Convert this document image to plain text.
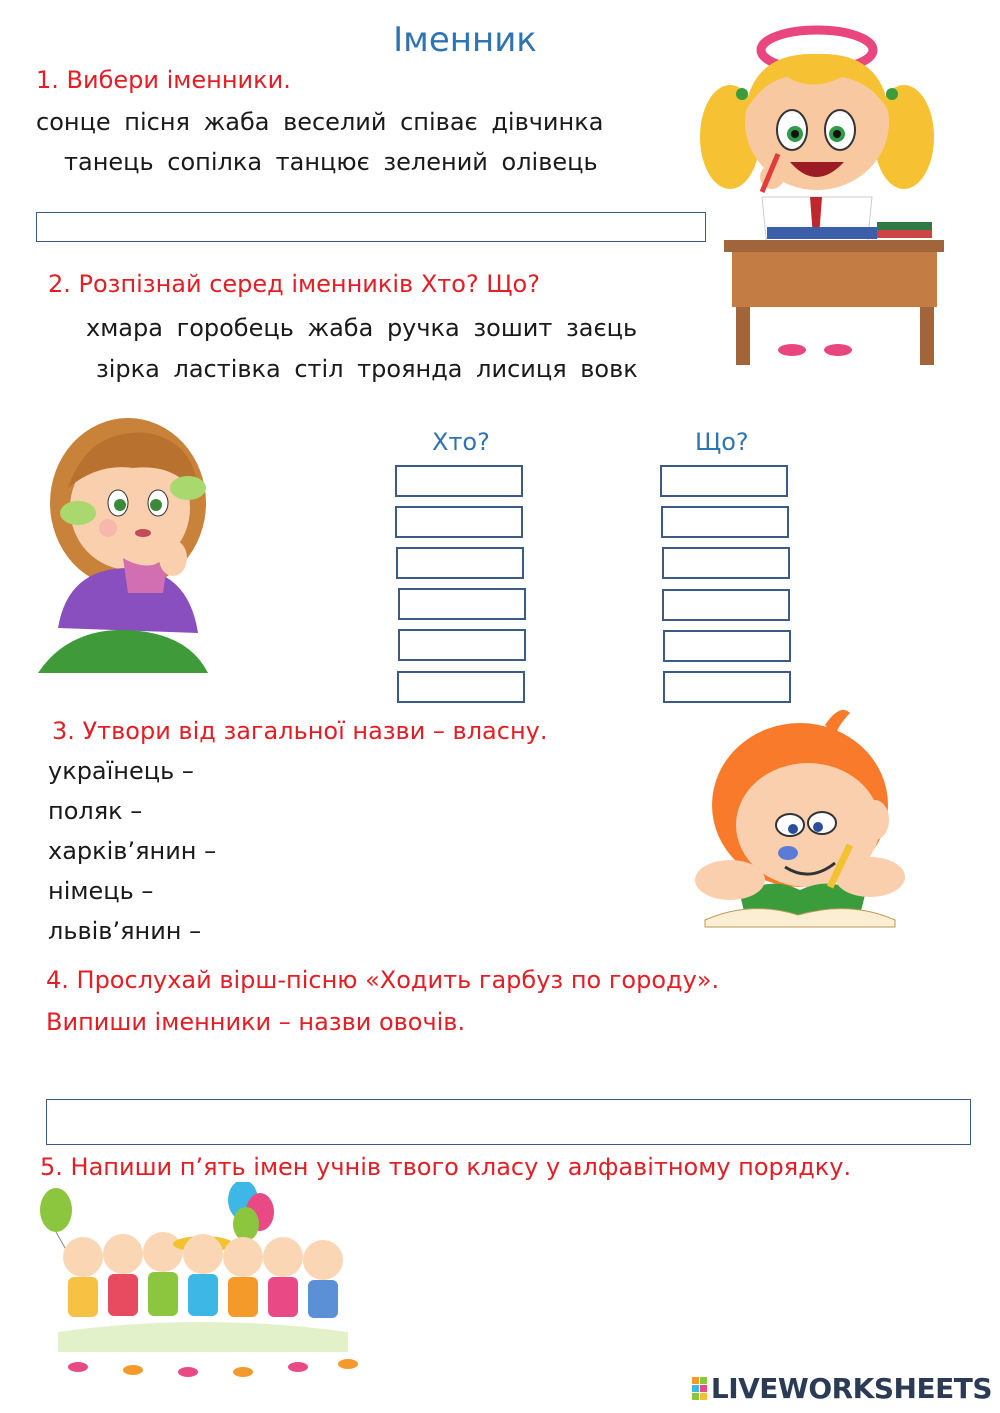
Іменник
1. Вибери іменники.
сонце пісня жаба веселий співає дівчинка
танець сопілка танцює зелений олівець
2. Розпізнай серед іменників Хто? Що?
хмара горобець жаба ручка зошит заєць
зірка ластівка стіл троянда лисиця вовк
Хто?	Що?
3. Утвори від загальної назви – власну.
українець –
поляк –
харків’янин –
німець –
львів’янин –
4. Прослухай вірш-пісню «Ходить гарбуз по городу».
Випиши іменники – назви овочів.
5. Напиши п’ять імен учнів твого класу у алфавітному порядку.
LIVEWORKSHEETS
